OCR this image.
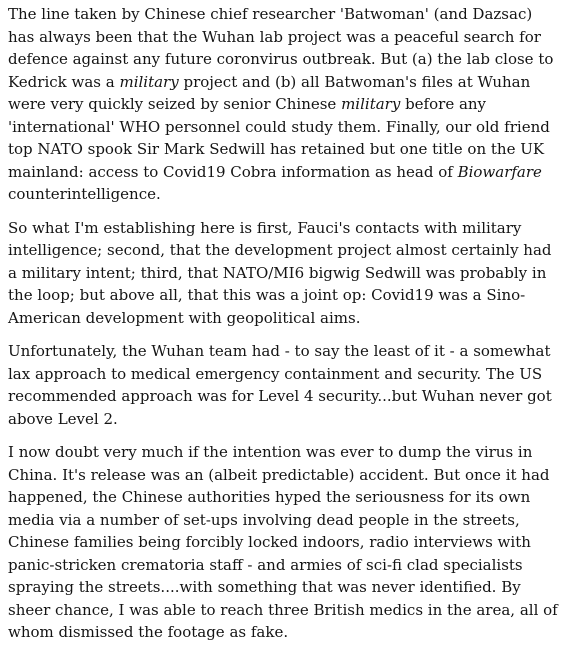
The line taken by Chinese chief researcher 'Batwoman' (and Dazsac) has always been that the Wuhan lab project was a peaceful search for defence against any future coronvirus outbreak. But (a) the lab close to Kedrick was a military project and (b) all Batwoman's files at Wuhan were very quickly seized by senior Chinese military before any 'international' WHO personnel could study them. Finally, our old friend top NATO spook Sir Mark Sedwill has retained but one title on the UK mainland: access to Covid19 Cobra information as head of Biowarfare counterintelligence.

So what I'm establishing here is first, Fauci's contacts with military intelligence; second, that the development project almost certainly had a military intent; third, that NATO/MI6 bigwig Sedwill was probably in the loop; but above all, that this was a joint op: Covid19 was a Sino-American development with geopolitical aims.

Unfortunately, the Wuhan team had - to say the least of it - a somewhat lax approach to medical emergency containment and security. The US recommended approach was for Level 4 security...but Wuhan never got above Level 2.

I now doubt very much if the intention was ever to dump the virus in China. It's release was an (albeit predictable) accident. But once it had happened, the Chinese authorities hyped the seriousness for its own media via a number of set-ups involving dead people in the streets, Chinese families being forcibly locked indoors, radio interviews with panic-stricken crematoria staff - and armies of sci-fi clad specialists spraying the streets....with something that was never identified. By sheer chance, I was able to reach three British medics in the area, all of whom dismissed the footage as fake.
